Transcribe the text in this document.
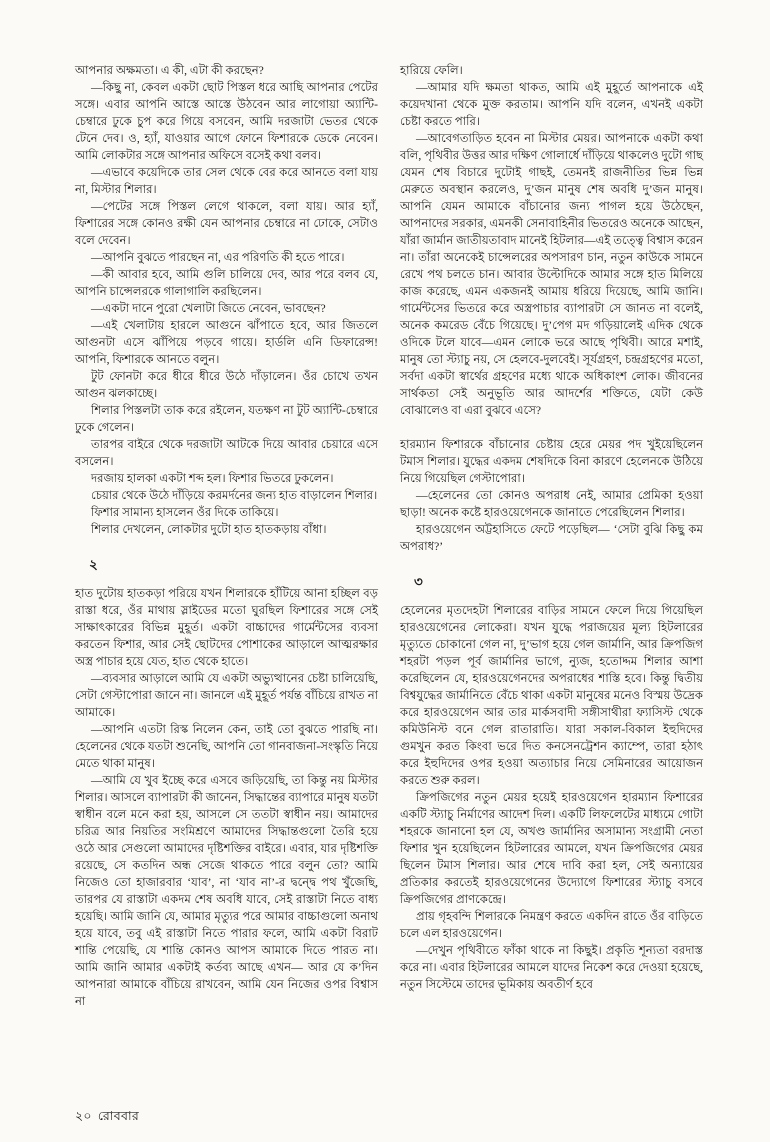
আপনার অক্ষমতা। এ কী, এটা কী করছেন?

—কিছু না, কেবল একটা ছোট পিস্তল ধরে আছি আপনার পেটের সঙ্গে। এবার আপনি আস্তে আস্তে উঠবেন আর লাগোয়া অ্যান্টি-চেম্বারে ঢুকে চুপ করে গিয়ে বসবেন, আমি দরজাটা ভেতর থেকে টেনে দেব। ও, হ্যাঁ, যাওয়ার আগে ফোনে ফিশারকে ডেকে নেবেন। আমি লোকটার সঙ্গে আপনার অফিসে বসেই কথা বলব।

—এভাবে কয়েদিকে তার সেল থেকে বের করে আনতে বলা যায় না, মিস্টার শিলার।

—পেটের সঙ্গে পিস্তল লেগে থাকলে, বলা যায়। আর হ্যাঁ, ফিশারের সঙ্গে কোনও রক্ষী যেন আপনার চেম্বারে না ঢোকে, সেটাও বলে দেবেন।

—আপনি বুঝতে পারছেন না, এর পরিণতি কী হতে পারে।

—কী আবার হবে, আমি গুলি চালিয়ে দেব, আর পরে বলব যে, আপনি চান্সেলরকে গালাগালি করছিলেন।

—একটা দানে পুরো খেলাটা জিতে নেবেন, ভাবছেন?

—এই খেলাটায় হারলে আগুনে ঝাঁপাতে হবে, আর জিতলে আগুনটা এসে ঝাঁপিয়ে পড়বে গায়ে। হার্ডলি এনি ডিফারেন্স! আপনি, ফিশারকে আনতে বলুন।

টুট ফোনটা করে ধীরে ধীরে উঠে দাঁড়ালেন। ওঁর চোখে তখন আগুন ঝলকাচ্ছে।

শিলার পিস্তলটা তাক করে রইলেন, যতক্ষণ না টুট অ্যান্টি-চেম্বারে ঢুকে গেলেন।

তারপর বাইরে থেকে দরজাটা আটকে দিয়ে আবার চেয়ারে এসে বসলেন।

দরজায় হালকা একটা শব্দ হল। ফিশার ভিতরে ঢুকলেন।

চেয়ার থেকে উঠে দাঁড়িয়ে করমর্দনের জন্য হাত বাড়ালেন শিলার।

ফিশার সামান্য হাসলেন ওঁর দিকে তাকিয়ে।

শিলার দেখলেন, লোকটার দুটো হাত হাতকড়ায় বাঁধা।

২

হাত দুটোয় হাতকড়া পরিয়ে যখন শিলারকে হাঁটিয়ে আনা হচ্ছিল বড় রাস্তা ধরে, ওঁর মাথায় স্লাইডের মতো ঘুরছিল ফিশারের সঙ্গে সেই সাক্ষাৎকারের বিভিন্ন মুহূর্ত। একটা বাচ্চাদের গার্মেন্টসের ব্যবসা করতেন ফিশার, আর সেই ছোটদের পোশাকের আড়ালে আত্মরক্ষার অস্ত্র পাচার হয়ে যেত, হাত থেকে হাতে।

—ব্যবসার আড়ালে আমি যে একটা অভ্যুত্থানের চেষ্টা চালিয়েছি, সেটা গেস্টাপোরা জানে না। জানলে এই মুহূর্ত পর্যন্ত বাঁচিয়ে রাখত না আমাকে।

—আপনি এতটা রিস্ক নিলেন কেন, তাই তো বুঝতে পারছি না। হেলেনের থেকে যতটা শুনেছি, আপনি তো গানবাজনা-সংস্কৃতি নিয়ে মেতে থাকা মানুষ।

—আমি যে খুব ইচ্ছে করে এসবে জড়িয়েছি, তা কিন্তু নয় মিস্টার শিলার। আসলে ব্যাপারটা কী জানেন, সিদ্ধান্তের ব্যাপারে মানুষ যতটা স্বাধীন বলে মনে করা হয়, আসলে সে ততটা স্বাধীন নয়। আমাদের চরিত্র আর নিয়তির সংমিশ্রণে আমাদের সিদ্ধান্তগুলো তৈরি হয়ে ওঠে আর সেগুলো আমাদের দৃষ্টিশক্তির বাইরে। এবার, যার দৃষ্টিশক্তি রয়েছে, সে কতদিন অন্ধ সেজে থাকতে পারে বলুন তো? আমি নিজেও তো হাজারবার ‘যাব’, না ‘যাব না’-র দ্বন্দ্বে পথ খুঁজেছি, তারপর যে রাস্তাটা একদম শেষ অবধি যাবে, সেই রাস্তাটা নিতে বাধ্য হয়েছি। আমি জানি যে, আমার মৃত্যুর পরে আমার বাচ্চাগুলো অনাথ হয়ে যাবে, তবু এই রাস্তাটা নিতে পারার ফলে, আমি একটা বিরাট শান্তি পেয়েছি, যে শান্তি কোনও আপস আমাকে দিতে পারত না। আমি জানি আমার একটাই কর্তব্য আছে এখন— আর যে ক’দিন আপনারা আমাকে বাঁচিয়ে রাখবেন, আমি যেন নিজের ওপর বিশ্বাস না

হারিয়ে ফেলি।

—আমার যদি ক্ষমতা থাকত, আমি এই মুহূর্তে আপনাকে এই কয়েদখানা থেকে মুক্ত করতাম। আপনি যদি বলেন, এখনই একটা চেষ্টা করতে পারি।

—আবেগতাড়িত হবেন না মিস্টার মেয়র। আপনাকে একটা কথা বলি, পৃথিবীর উত্তর আর দক্ষিণ গোলার্ধে দাঁড়িয়ে থাকলেও দুটো গাছ যেমন শেষ বিচারে দুটোই গাছই, তেমনই রাজনীতির ভিন্ন ভিন্ন মেরুতে অবস্থান করলেও, দু’জন মানুষ শেষ অবধি দু’জন মানুষ। আপনি যেমন আমাকে বাঁচানোর জন্য পাগল হয়ে উঠেছেন, আপনাদের সরকার, এমনকী সেনাবাহিনীর ভিতরেও অনেকে আছেন, যাঁরা জার্মান জাতীয়তাবাদ মানেই হিটলার—এই তত্ত্বে বিশ্বাস করেন না। তাঁরা অনেকেই চান্সেলরের অপসারণ চান, নতুন কাউকে সামনে রেখে পথ চলতে চান। আবার উল্টোদিকে আমার সঙ্গে হাত মিলিয়ে কাজ করেছে, এমন একজনই আমায় ধরিয়ে দিয়েছে, আমি জানি। গার্মেন্টসের ভিতরে করে অস্ত্রপাচার ব্যাপারটা সে জানত না বলেই, অনেক কমরেড বেঁচে গিয়েছে। দু’পেগ মদ গড়িয়ালেই এদিক থেকে ওদিকে টলে যাবে—এমন লোকে ভরে আছে পৃথিবী। আরে মশাই, মানুষ তো স্ট্যাচু নয়, সে হেলবে-দুলবেই। সূর্যগ্রহণ, চন্দ্রগ্রহণের মতো, সর্বদা একটা স্বার্থের গ্রহণের মধ্যে থাকে অধিকাংশ লোক। জীবনের সার্থকতা সেই অনুভূতি আর আদর্শের শক্তিতে, যেটা কেউ বোঝালেও বা এরা বুঝবে এসে?

হারম্যান ফিশারকে বাঁচানোর চেষ্টায় হেরে মেয়র পদ খুইয়েছিলেন টমাস শিলার। যুদ্ধের একদম শেষদিকে বিনা কারণে হেলেনকে উঠিয়ে নিয়ে গিয়েছিল গেস্টাপোরা।

—হেলেনের তো কোনও অপরাধ নেই, আমার প্রেমিকা হওয়া ছাড়া! অনেক কষ্টে হারওয়েগেনকে জানাতে পেরেছিলেন শিলার।

হারওয়েগেন অট্টহাসিতে ফেটে পড়েছিল— ‘সেটা বুঝি কিছু কম অপরাধ?’

৩

হেলেনের মৃতদেহটা শিলারের বাড়ির সামনে ফেলে দিয়ে গিয়েছিল হারওয়েগেনের লোকেরা। যখন যুদ্ধে পরাজয়ের মূল্য হিটলারের মৃত্যুতে চোকানো গেল না, দু’ভাগ হয়ে গেল জার্মানি, আর ক্রিপজিগ শহরটা পড়ল পূর্ব জার্মানির ভাগে, ন্যুজ, হতোদ্দম শিলার আশা করেছিলেন যে, হারওয়েগেনদের অপরাধের শাস্তি হবে। কিন্তু দ্বিতীয় বিশ্বযুদ্ধের জার্মানিতে বেঁচে থাকা একটা মানুষের মনেও বিস্ময় উদ্রেক করে হারওয়েগেন আর তার মার্কসবাদী সঙ্গীসাথীরা ফ্যাসিস্ট থেকে কমিউনিস্ট বনে গেল রাতারাতি। যারা সকাল-বিকাল ইহুদিদের গুমখুন করত কিংবা ভরে দিত কনসেনট্রেশন ক্যাম্পে, তারা হঠাৎ করে ইহুদিদের ওপর হওয়া অত্যাচার নিয়ে সেমিনারের আয়োজন করতে শুরু করল।

ক্রিপজিগের নতুন মেয়র হয়েই হারওয়েগেন হারম্যান ফিশারের একটি স্ট্যাচু নির্মাণের আদেশ দিল। একটি লিফলেটের মাধ্যমে গোটা শহরকে জানানো হল যে, অখণ্ড জার্মানির অসামান্য সংগ্রামী নেতা ফিশার খুন হয়েছিলেন হিটলারের আমলে, যখন ক্রিপজিগের মেয়র ছিলেন টমাস শিলার। আর শেষে দাবি করা হল, সেই অন্যায়ের প্রতিকার করতেই হারওয়েগেনের উদ্যোগে ফিশারের স্ট্যাচু বসবে ক্রিপজিগের প্রাণকেন্দ্রে।

প্রায় গৃহবন্দি শিলারকে নিমন্ত্রণ করতে একদিন রাতে ওঁর বাড়িতে চলে এল হারওয়েগেন।

—দেখুন পৃথিবীতে ফাঁকা থাকে না কিছুই। প্রকৃতি শূন্যতা বরদাস্ত করে না। এবার হিটলারের আমলে যাদের নিকেশ করে দেওয়া হয়েছে, নতুন সিস্টেমে তাদের ভূমিকায় অবতীর্ণ হবে

২০ রোববার
